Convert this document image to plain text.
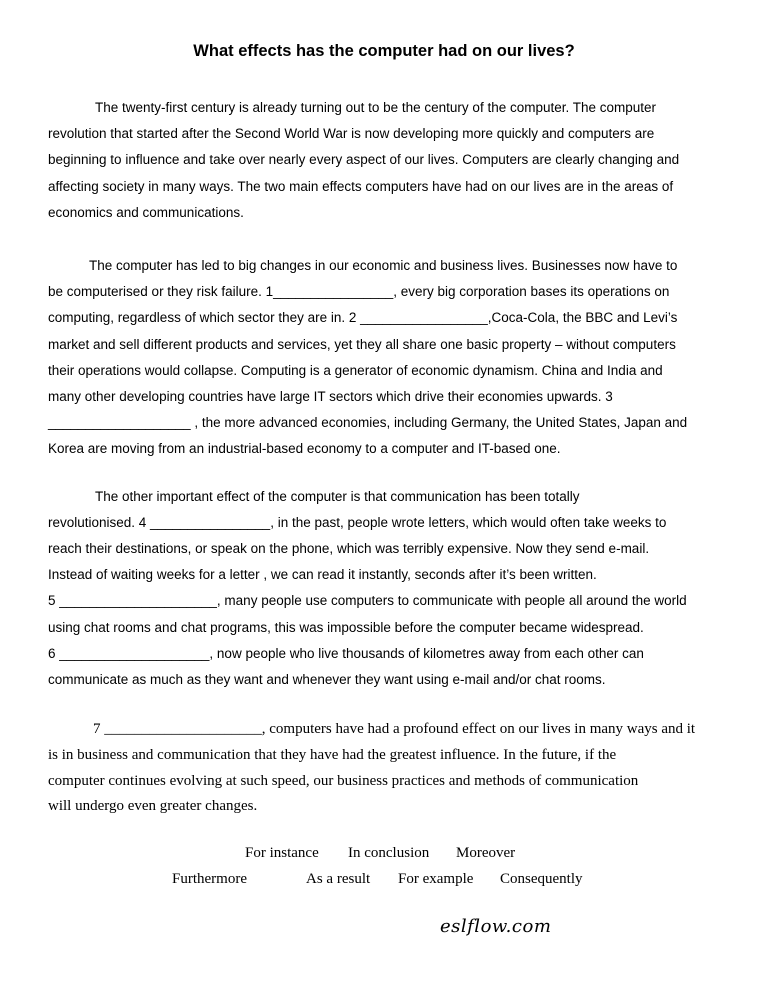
What effects has the computer had on our lives?
The twenty-first century is already turning out to be the century of the computer. The computer
revolution that started after the Second World War is now developing more quickly and computers are
beginning to influence and take over nearly every aspect of our lives. Computers are clearly changing and
affecting society in many ways. The two main effects computers have had on our lives are in the areas of
economics and communications.
The computer has led to big changes in our economic and business lives. Businesses now have to
be computerised or they risk failure. 1________________, every big corporation bases its operations on
computing, regardless of which sector they are in. 2 _________________,Coca-Cola, the BBC and Levi’s
market and sell different products and services, yet they all share one basic property – without computers
their operations would collapse. Computing is a generator of economic dynamism. China and India and
many other developing countries have large IT sectors which drive their economies upwards. 3
___________________ , the more advanced economies, including Germany, the United States, Japan and
Korea are moving from an industrial-based economy to a computer and IT-based one.
The other important effect of the computer is that communication has been totally
revolutionised. 4 ________________, in the past, people wrote letters, which would often take weeks to
reach their destinations, or speak on the phone, which was terribly expensive. Now they send e-mail.
Instead of waiting weeks for a letter , we can read it instantly, seconds after it’s been written.
5 _____________________, many people use computers to communicate with people all around the world
using chat rooms and chat programs, this was impossible before the computer became widespread.
6 ____________________, now people who live thousands of kilometres away from each other can
communicate as much as they want and whenever they want using e-mail and/or chat rooms.
7 _____________________, computers have had a profound effect on our lives in many ways and it
is in business and communication that they have had the greatest influence. In the future, if the
computer continues evolving at such speed, our business practices and methods of communication
will undergo even greater changes.
For instance In conclusion Moreover
Furthermore	As a result For example Consequently
eslflow.com
